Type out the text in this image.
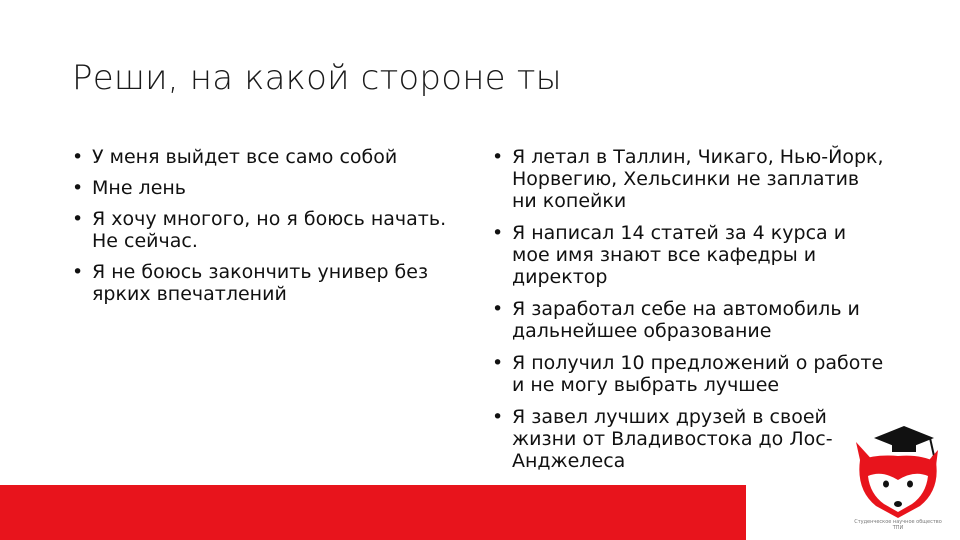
Реши, на какой стороне ты
• У меня выйдет все само собой
• Мне лень
• Я хочу многого, но я боюсь начать. Не сейчас.
• Я не боюсь закончить универ без ярких впечатлений
• Я летал в Таллин, Чикаго, Нью-Йорк, Норвегию, Хельсинки не заплатив ни копейки
• Я написал 14 статей за 4 курса и мое имя знают все кафедры и директор
• Я заработал себе на автомобиль и дальнейшее образование
• Я получил 10 предложений о работе и не могу выбрать лучшее
• Я завел лучших друзей в своей жизни от Владивостока до Лос-Анджелеса
Студенческое научное общество
ТПИ
